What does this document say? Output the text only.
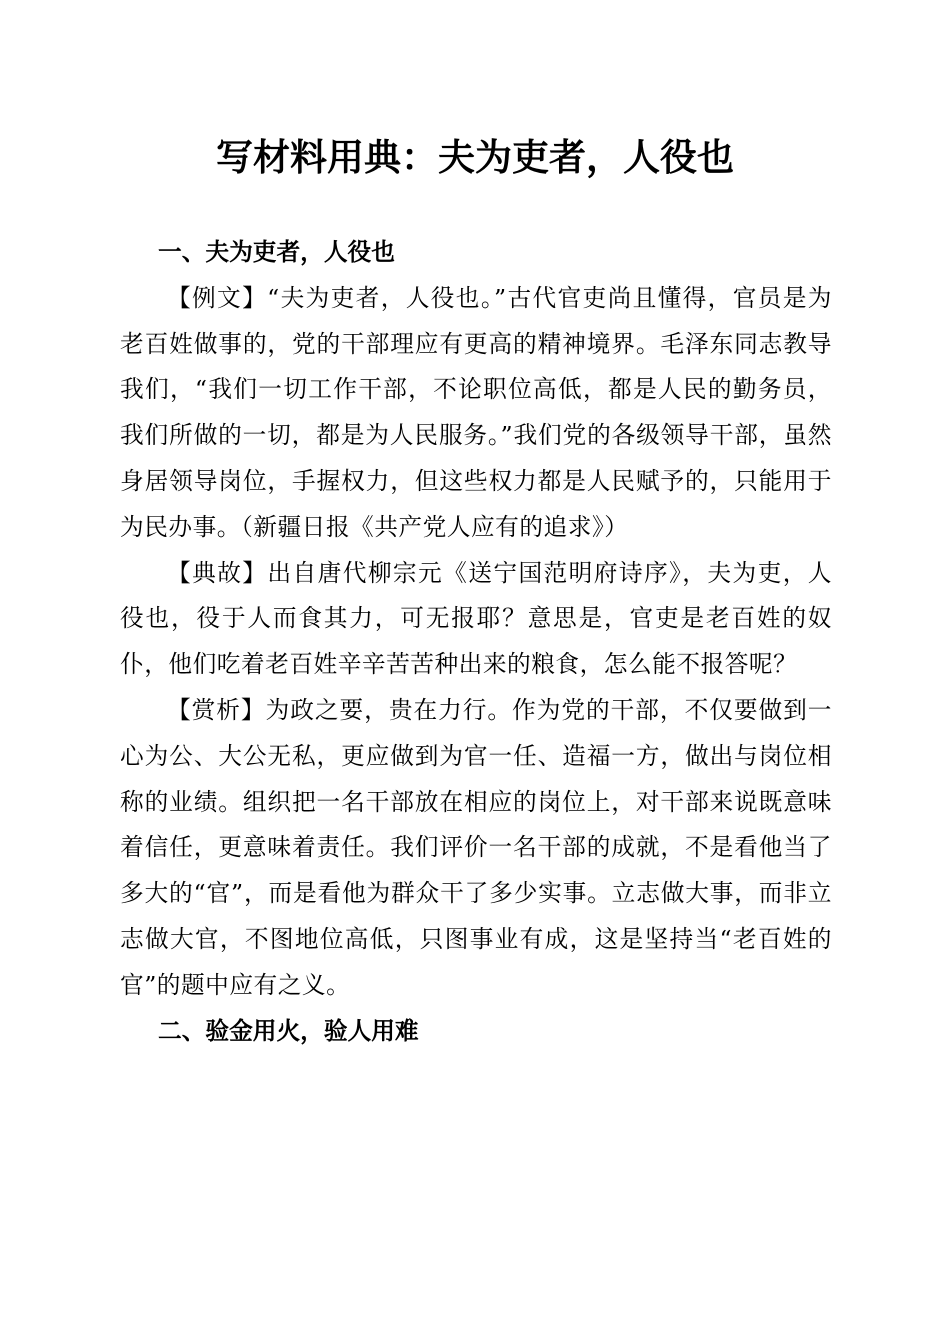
写材料用典：夫为吏者，人役也
一、夫为吏者，人役也

【例文】“夫为吏者，人役也。”古代官吏尚且懂得，官员是为老百姓做事的，党的干部理应有更高的精神境界。毛泽东同志教导我们，“我们一切工作干部，不论职位高低，都是人民的勤务员，我们所做的一切，都是为人民服务。”我们党的各级领导干部，虽然身居领导岗位，手握权力，但这些权力都是人民赋予的，只能用于为民办事。（新疆日报《共产党人应有的追求》）

【典故】出自唐代柳宗元《送宁国范明府诗序》，夫为吏，人役也，役于人而食其力，可无报耶？意思是，官吏是老百姓的奴仆，他们吃着老百姓辛辛苦苦种出来的粮食，怎么能不报答呢？

【赏析】为政之要，贵在力行。作为党的干部，不仅要做到一心为公、大公无私，更应做到为官一任、造福一方，做出与岗位相称的业绩。组织把一名干部放在相应的岗位上，对干部来说既意味着信任，更意味着责任。我们评价一名干部的成就，不是看他当了多大的“官”，而是看他为群众干了多少实事。立志做大事，而非立志做大官，不图地位高低，只图事业有成，这是坚持当“老百姓的官”的题中应有之义。

二、验金用火，验人用难
